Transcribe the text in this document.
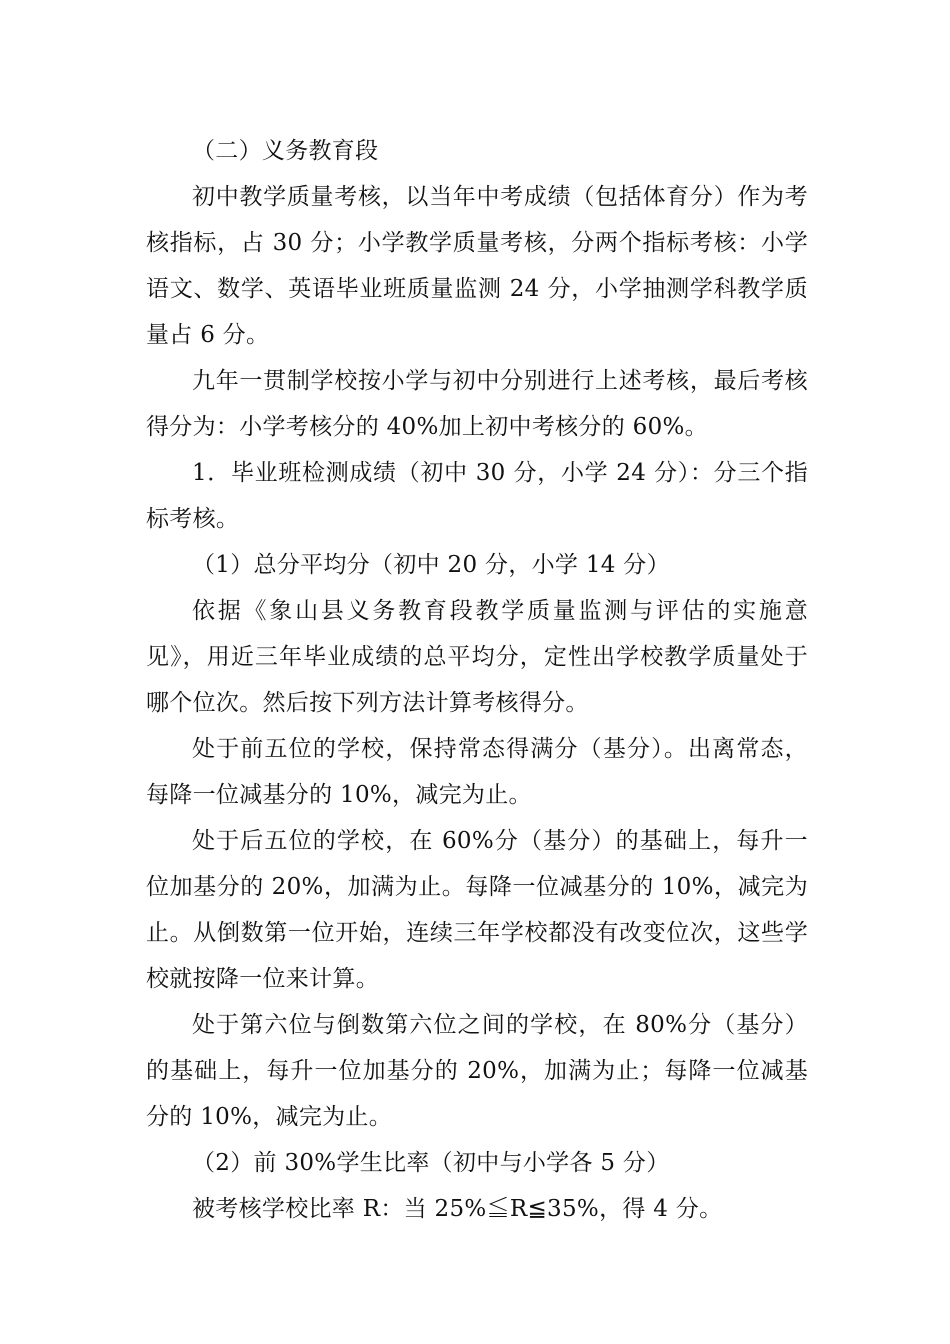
（二）义务教育段

初中教学质量考核，以当年中考成绩（包括体育分）作为考核指标，占 30 分；小学教学质量考核，分两个指标考核：小学语文、数学、英语毕业班质量监测 24 分，小学抽测学科教学质量占 6 分。

九年一贯制学校按小学与初中分别进行上述考核，最后考核得分为：小学考核分的 40%加上初中考核分的 60%。

1．毕业班检测成绩（初中 30 分，小学 24 分）：分三个指标考核。

（1）总分平均分（初中 20 分，小学 14 分）

依据《象山县义务教育段教学质量监测与评估的实施意见》，用近三年毕业成绩的总平均分，定性出学校教学质量处于哪个位次。然后按下列方法计算考核得分。

处于前五位的学校，保持常态得满分（基分）。出离常态，每降一位减基分的 10%，减完为止。

处于后五位的学校，在 60%分（基分）的基础上，每升一位加基分的 20%，加满为止。每降一位减基分的 10%，减完为止。从倒数第一位开始，连续三年学校都没有改变位次，这些学校就按降一位来计算。

处于第六位与倒数第六位之间的学校，在 80%分（基分）的基础上，每升一位加基分的 20%，加满为止；每降一位减基分的 10%，减完为止。

（2）前 30%学生比率（初中与小学各 5 分）

被考核学校比率 R：当 25%≦R≦35%，得 4 分。
